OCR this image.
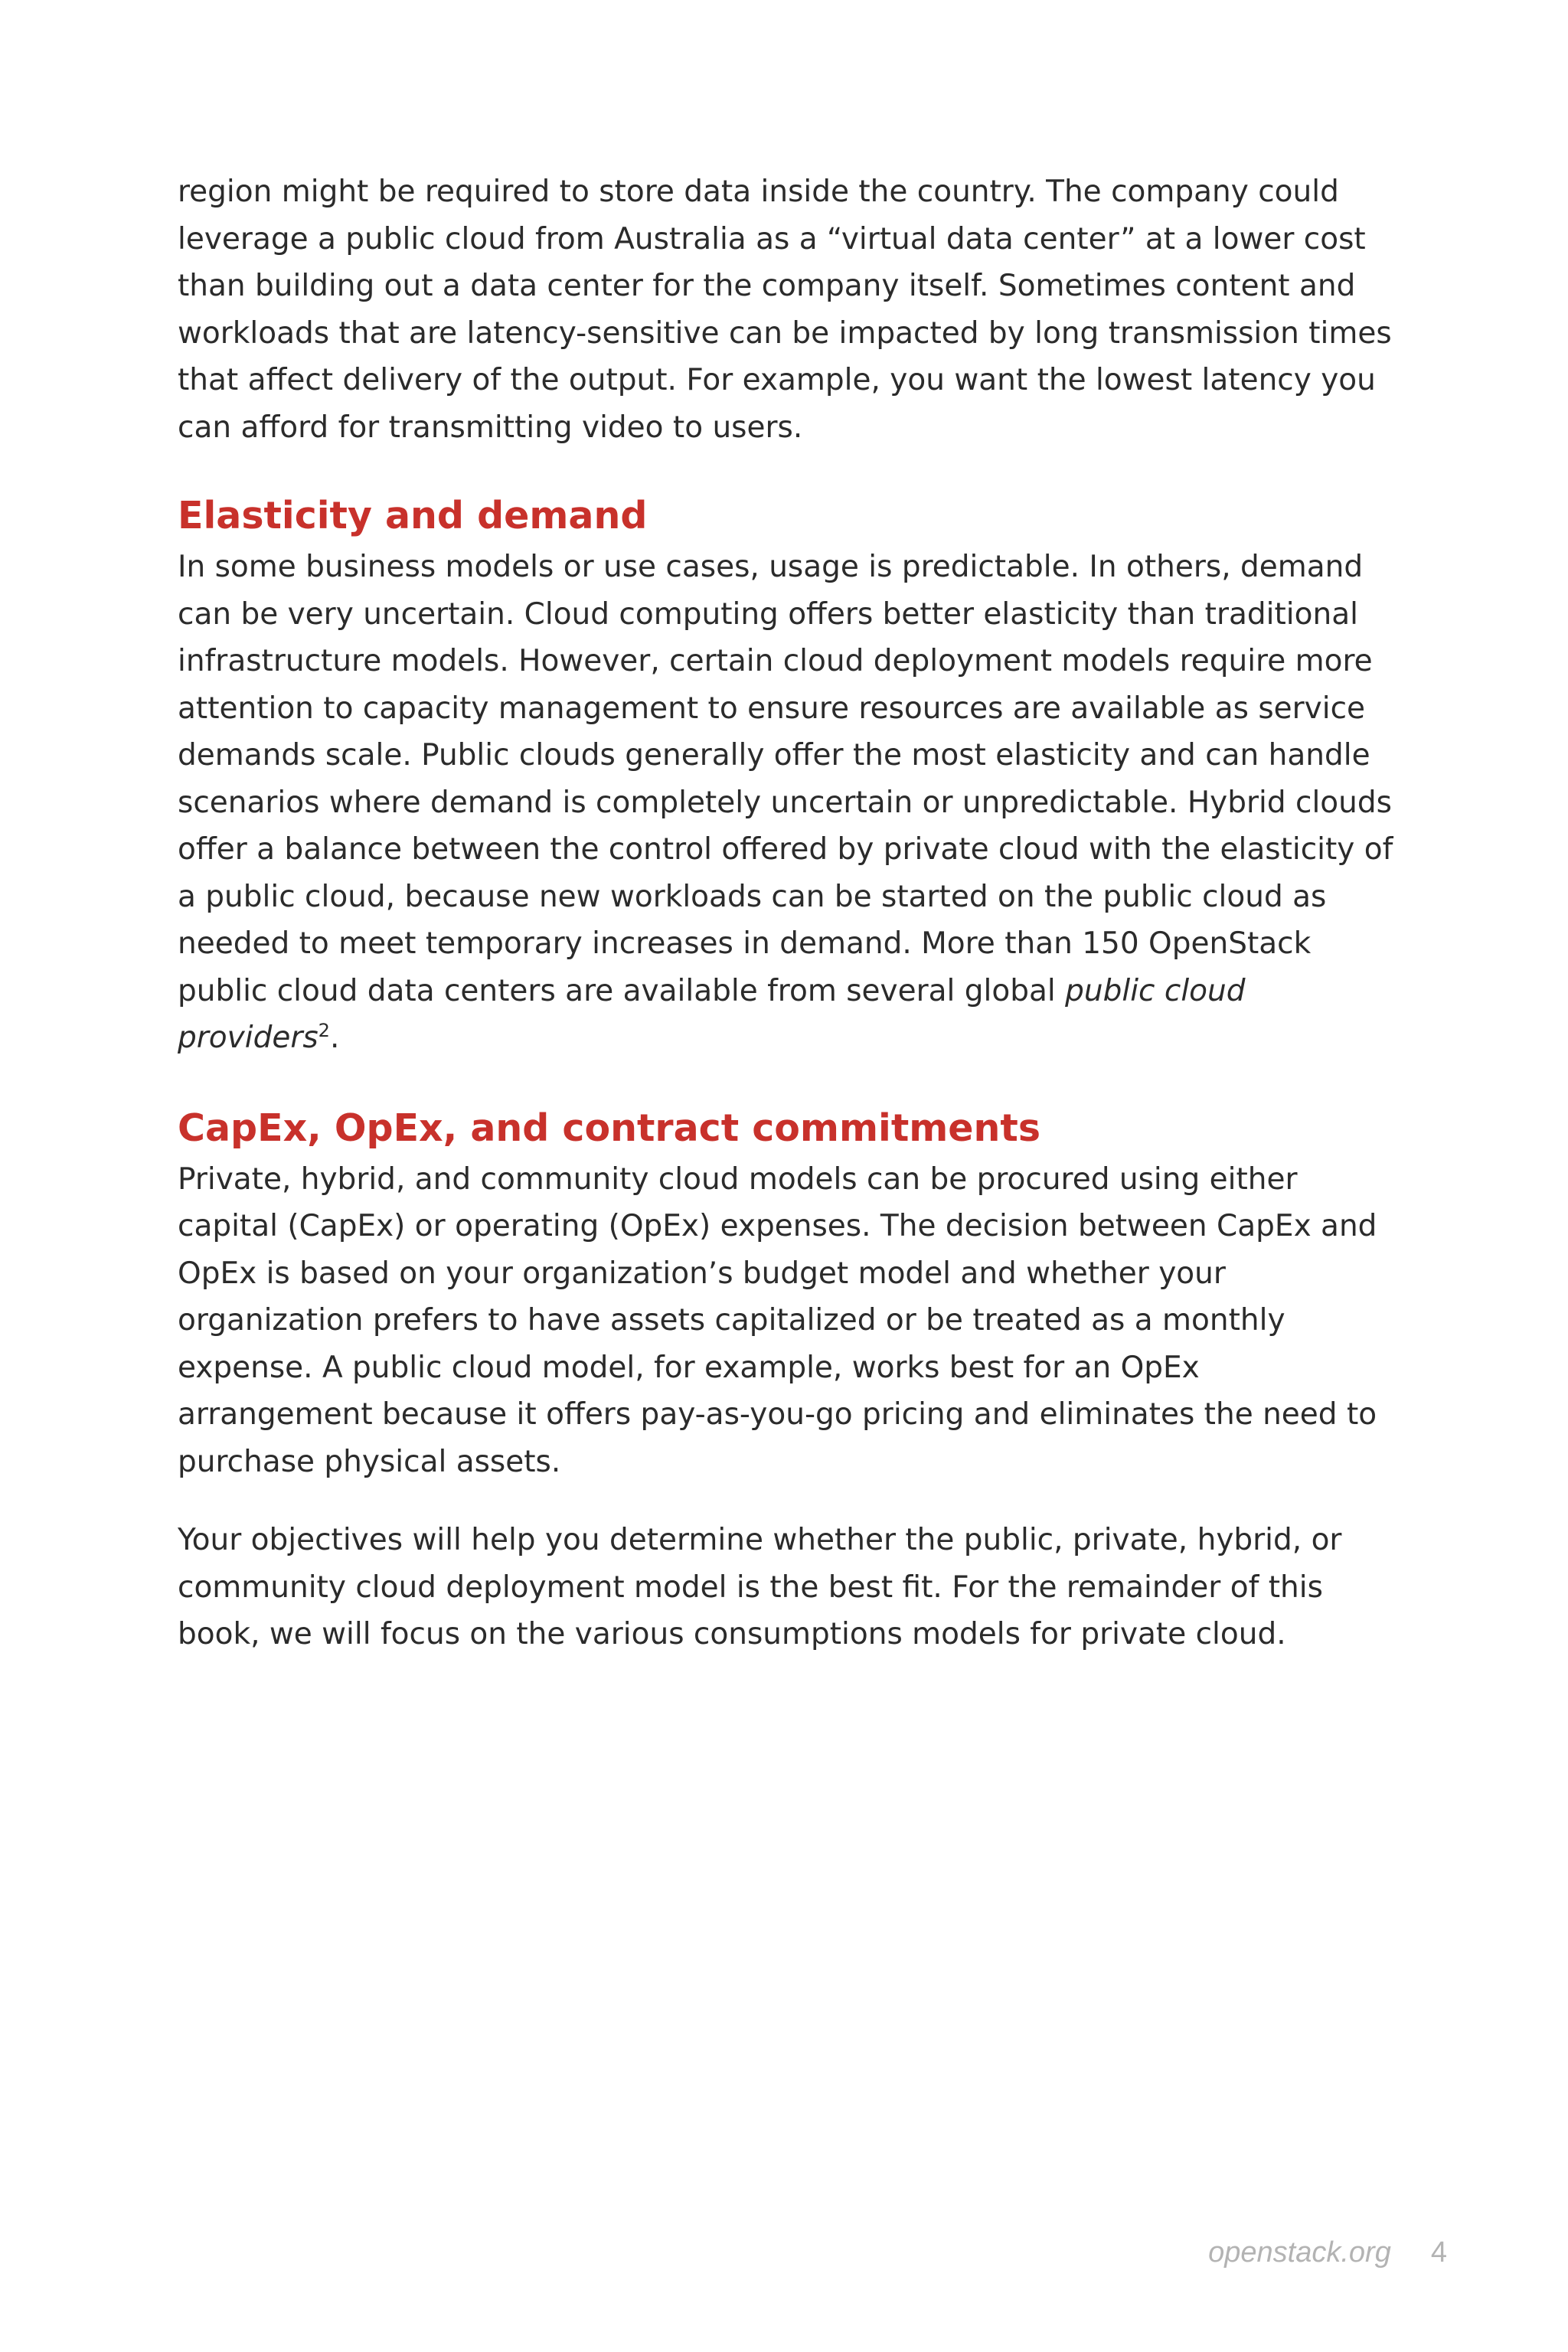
region might be required to store data inside the country. The company could leverage a public cloud from Australia as a “virtual data center” at a lower cost than building out a data center for the company itself. Sometimes content and workloads that are latency-sensitive can be impacted by long transmission times that affect delivery of the output. For example, you want the lowest latency you can afford for transmitting video to users.

Elasticity and demand

In some business models or use cases, usage is predictable. In others, demand can be very uncertain. Cloud computing offers better elasticity than traditional infrastructure models. However, certain cloud deployment models require more attention to capacity management to ensure resources are available as service demands scale. Public clouds generally offer the most elasticity and can handle scenarios where demand is completely uncertain or unpredictable. Hybrid clouds offer a balance between the control offered by private cloud with the elasticity of a public cloud, because new workloads can be started on the public cloud as needed to meet temporary increases in demand. More than 150 OpenStack public cloud data centers are available from several global public cloud providers$^2$.

CapEx, OpEx, and contract commitments

Private, hybrid, and community cloud models can be procured using either capital (CapEx) or operating (OpEx) expenses. The decision between CapEx and OpEx is based on your organization’s budget model and whether your organization prefers to have assets capitalized or be treated as a monthly expense. A public cloud model, for example, works best for an OpEx arrangement because it offers pay-as-you-go pricing and eliminates the need to purchase physical assets.

Your objectives will help you determine whether the public, private, hybrid, or community cloud deployment model is the best fit. For the remainder of this book, we will focus on the various consumptions models for private cloud.

openstack.org 4
